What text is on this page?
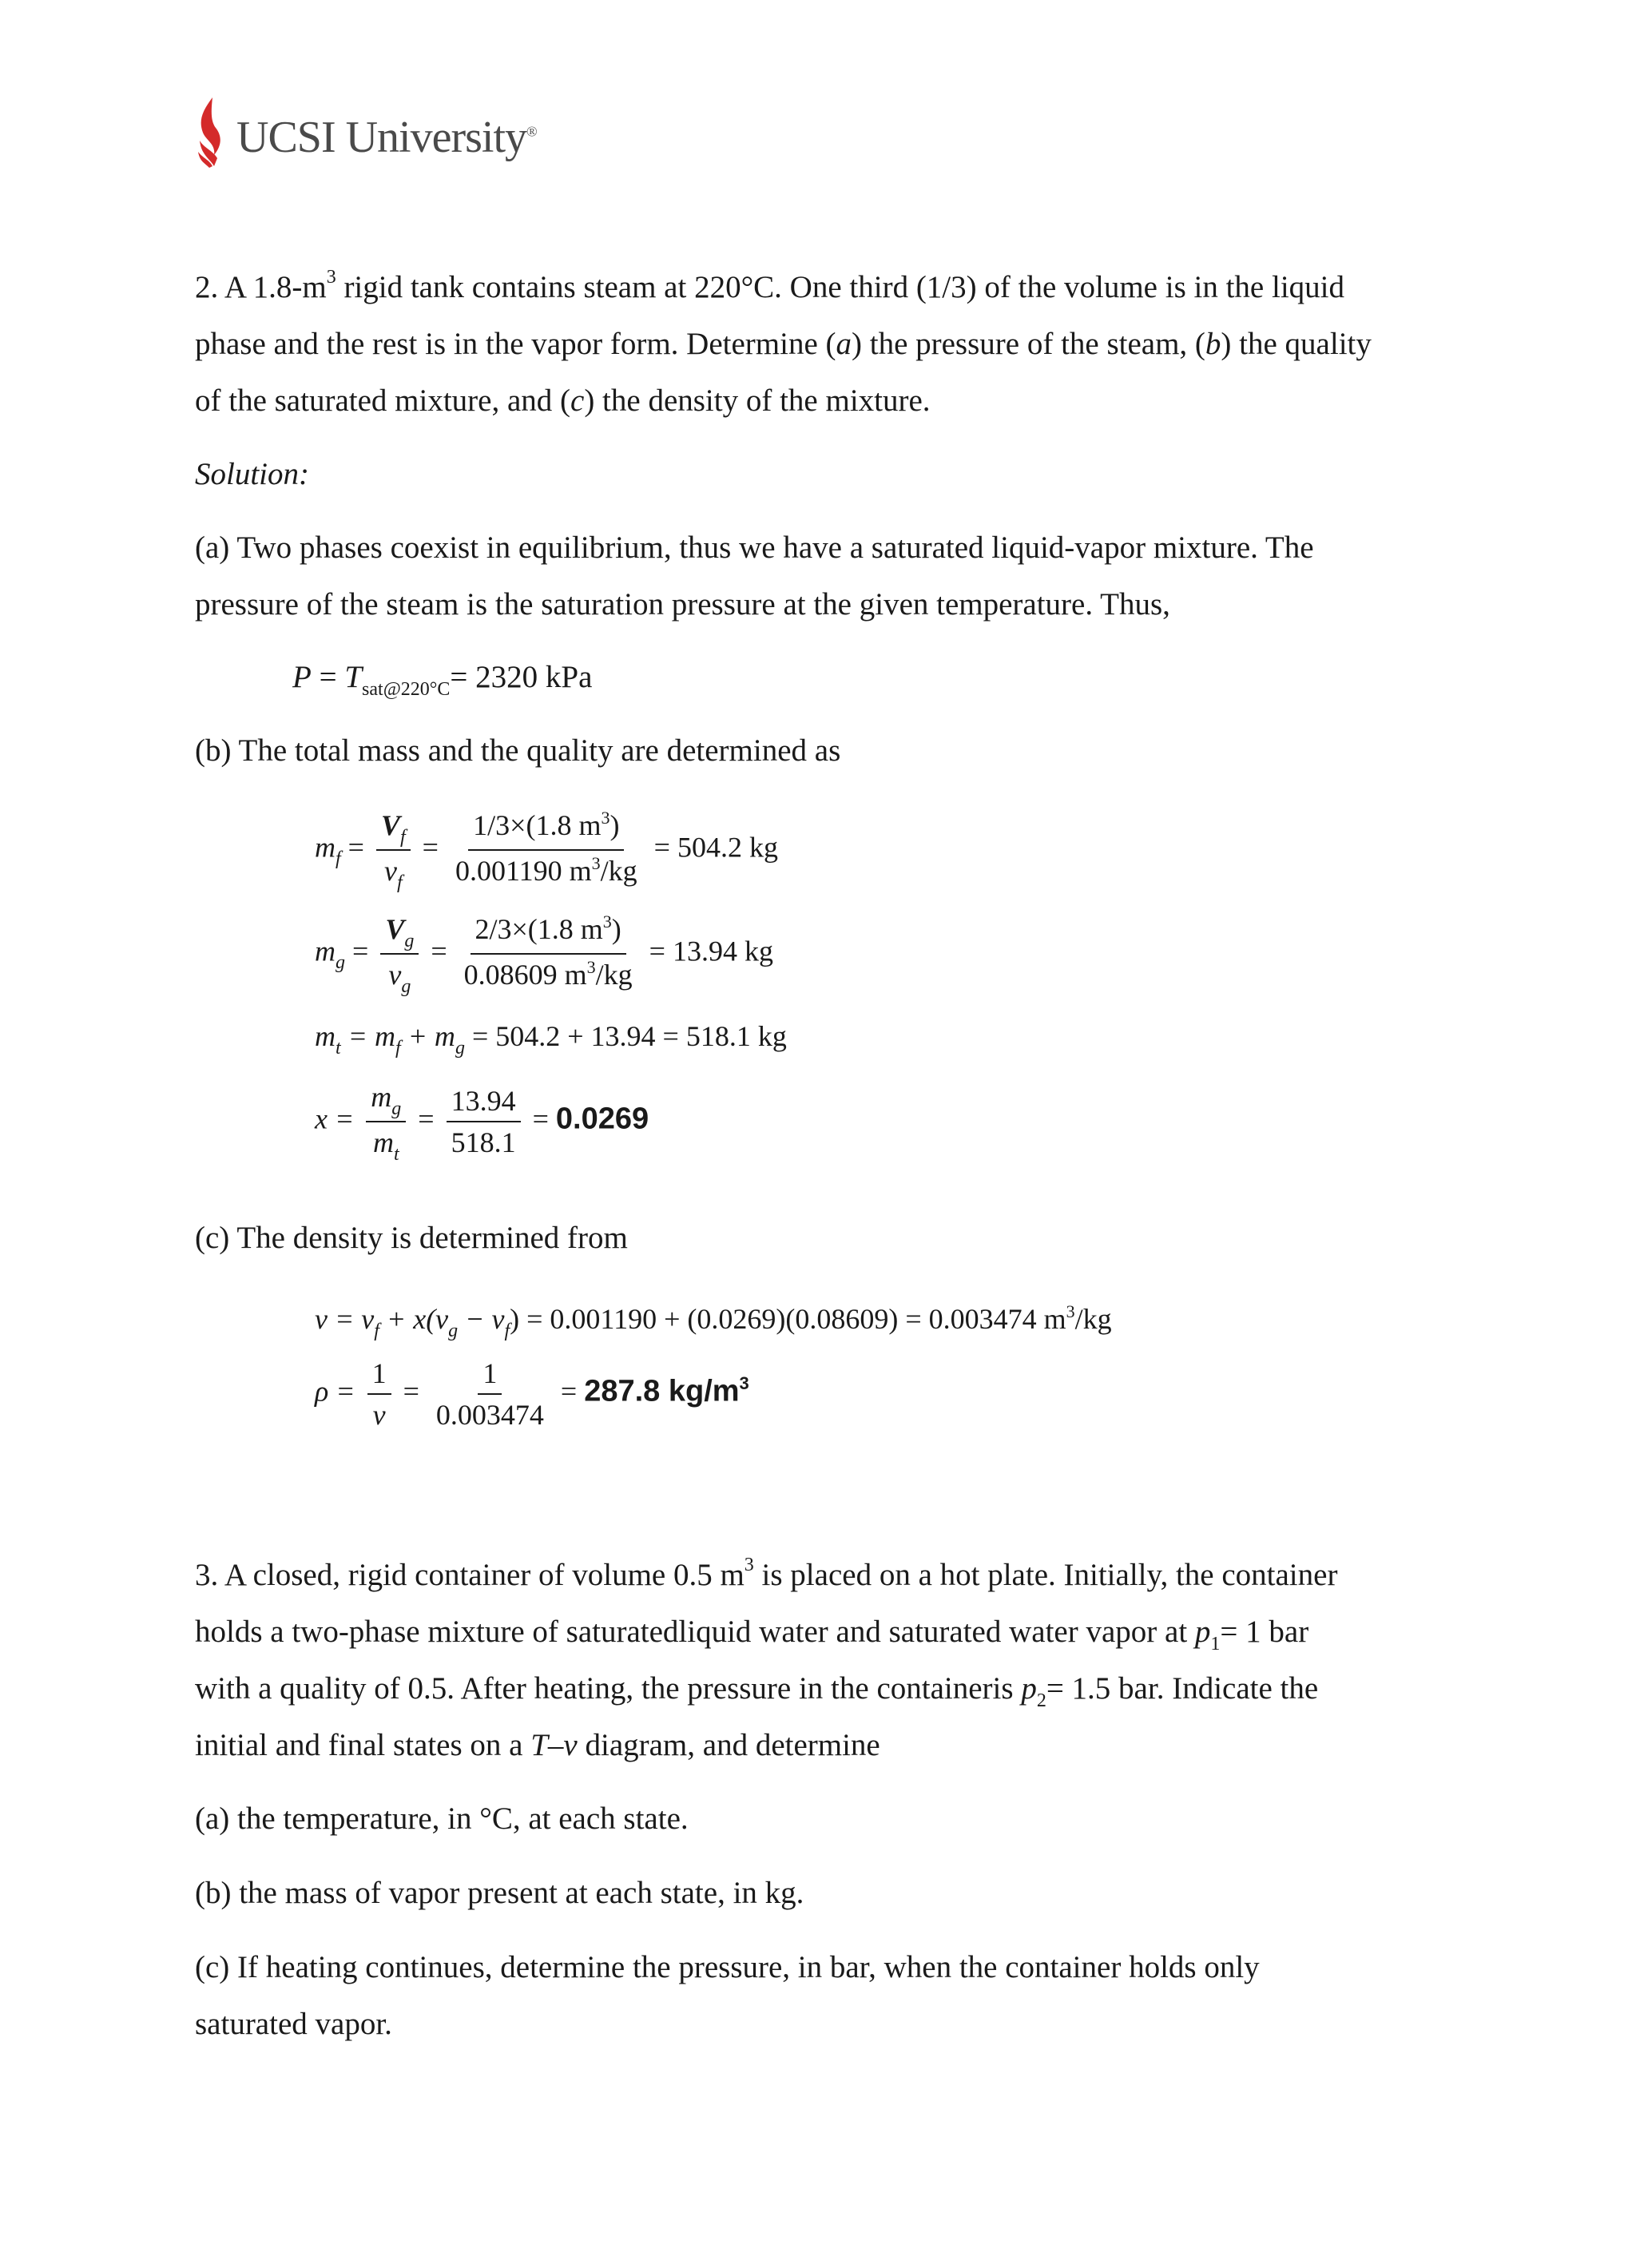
UCSI University®
2. A $1.8-m^3$ rigid tank contains steam at 220°C. One third (1/3) of the volume is in the liquid
phase and the rest is in the vapor form. Determine (a) the pressure of the steam, (b) the quality
of the saturated mixture, and (c) the density of the mixture.
Solution:
(a) Two phases coexist in equilibrium, thus we have a saturated liquid-vapor mixture. The
pressure of the steam is the saturation pressure at the given temperature. Thus,
$P = T_{sat@220^\circ C}= 2320$ kPa
(b) The total mass and the quality are determined as
$m_f = \frac{V_f}{v_f} = \frac{1/3\times(1.8 m^3)}{0.001190 m^3/kg} = 504.2$ kg
$m_g = \frac{V_g}{v_g} = \frac{2/3\times(1.8 m^3)}{0.08609 m^3/kg} = 13.94$ kg
$m_t = m_f + m_g = 504.2 + 13.94 = 518.1$ kg
$x = \frac{m_g}{m_t} = \frac{13.94}{518.1} = 0.0269$
(c) The density is determined from
$v = v_f + x(v_g - v_f) = 0.001190 + (0.0269)(0.08609) = 0.003474$ $m^3/kg$
$\rho = \frac{1}{v} = \frac{1}{0.003474} = 287.8$ $kg/m^3$
3. A closed, rigid container of volume 0.5 $m^3$ is placed on a hot plate. Initially, the container
holds a two-phase mixture of saturatedliquid water and saturated water vapor at $p_1= 1$ bar
with a quality of 0.5. After heating, the pressure in the containeris $p_2= 1.5$ bar. Indicate the
initial and final states on a T–v diagram, and determine
(a) the temperature, in °C, at each state.
(b) the mass of vapor present at each state, in kg.
(c) If heating continues, determine the pressure, in bar, when the container holds only
saturated vapor.
